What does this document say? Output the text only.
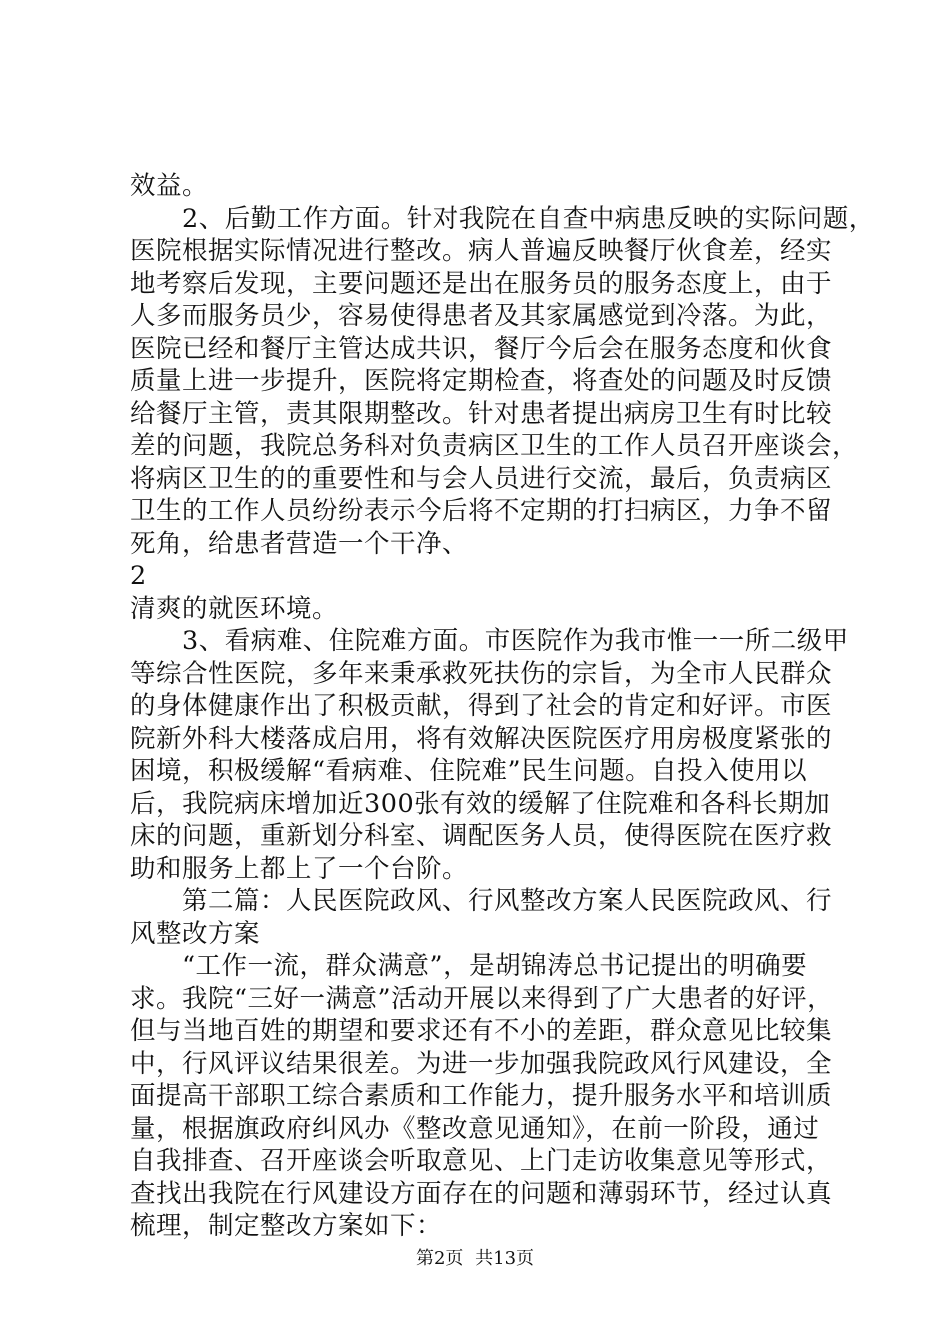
效益。
2、后勤工作方面。针对我院在自查中病患反映的实际问题，
医院根据实际情况进行整改。病人普遍反映餐厅伙食差，经实
地考察后发现，主要问题还是出在服务员的服务态度上，由于
人多而服务员少，容易使得患者及其家属感觉到冷落。为此，
医院已经和餐厅主管达成共识，餐厅今后会在服务态度和伙食
质量上进一步提升，医院将定期检查，将查处的问题及时反馈
给餐厅主管，责其限期整改。针对患者提出病房卫生有时比较
差的问题，我院总务科对负责病区卫生的工作人员召开座谈会，
将病区卫生的的重要性和与会人员进行交流，最后，负责病区
卫生的工作人员纷纷表示今后将不定期的打扫病区，力争不留
死角，给患者营造一个干净、
2
清爽的就医环境。
3、看病难、住院难方面。市医院作为我市惟一一所二级甲
等综合性医院，多年来秉承救死扶伤的宗旨，为全市人民群众
的身体健康作出了积极贡献，得到了社会的肯定和好评。市医
院新外科大楼落成启用，将有效解决医院医疗用房极度紧张的
困境，积极缓解“看病难、住院难”民生问题。自投入使用以
后，我院病床增加近300张有效的缓解了住院难和各科长期加
床的问题，重新划分科室、调配医务人员，使得医院在医疗救
助和服务上都上了一个台阶。
第二篇：人民医院政风、行风整改方案人民医院政风、行
风整改方案
“工作一流，群众满意”，是胡锦涛总书记提出的明确要
求。我院“三好一满意”活动开展以来得到了广大患者的好评，
但与当地百姓的期望和要求还有不小的差距，群众意见比较集
中，行风评议结果很差。为进一步加强我院政风行风建设，全
面提高干部职工综合素质和工作能力，提升服务水平和培训质
量，根据旗政府纠风办《整改意见通知》，在前一阶段，通过
自我排查、召开座谈会听取意见、上门走访收集意见等形式，
查找出我院在行风建设方面存在的问题和薄弱环节，经过认真
梳理，制定整改方案如下：
第2页 共13页
